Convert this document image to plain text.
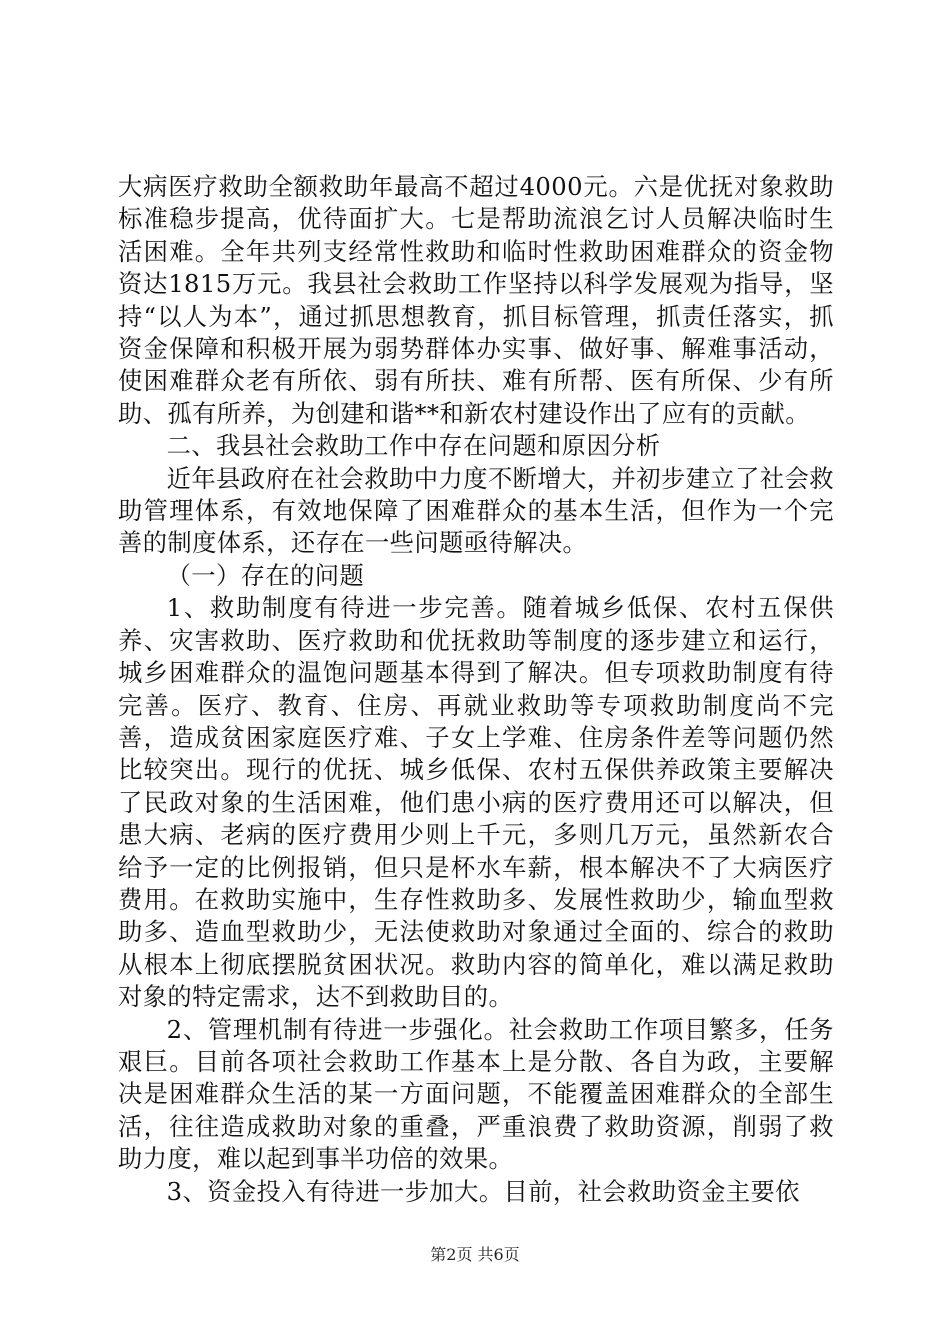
大病医疗救助全额救助年最高不超过4000元。六是优抚对象救助标准稳步提高，优待面扩大。七是帮助流浪乞讨人员解决临时生活困难。全年共列支经常性救助和临时性救助困难群众的资金物资达1815万元。我县社会救助工作坚持以科学发展观为指导，坚持“以人为本”，通过抓思想教育，抓目标管理，抓责任落实，抓资金保障和积极开展为弱势群体办实事、做好事、解难事活动，使困难群众老有所依、弱有所扶、难有所帮、医有所保、少有所助、孤有所养，为创建和谐**和新农村建设作出了应有的贡献。

二、我县社会救助工作中存在问题和原因分析

近年县政府在社会救助中力度不断增大，并初步建立了社会救助管理体系，有效地保障了困难群众的基本生活，但作为一个完善的制度体系，还存在一些问题亟待解决。

（一）存在的问题

1、救助制度有待进一步完善。随着城乡低保、农村五保供养、灾害救助、医疗救助和优抚救助等制度的逐步建立和运行，城乡困难群众的温饱问题基本得到了解决。但专项救助制度有待完善。医疗、教育、住房、再就业救助等专项救助制度尚不完善，造成贫困家庭医疗难、子女上学难、住房条件差等问题仍然比较突出。现行的优抚、城乡低保、农村五保供养政策主要解决了民政对象的生活困难，他们患小病的医疗费用还可以解决，但患大病、老病的医疗费用少则上千元，多则几万元，虽然新农合给予一定的比例报销，但只是杯水车薪，根本解决不了大病医疗费用。在救助实施中，生存性救助多、发展性救助少，输血型救助多、造血型救助少，无法使救助对象通过全面的、综合的救助从根本上彻底摆脱贫困状况。救助内容的简单化，难以满足救助对象的特定需求，达不到救助目的。

2、管理机制有待进一步强化。社会救助工作项目繁多，任务艰巨。目前各项社会救助工作基本上是分散、各自为政，主要解决是困难群众生活的某一方面问题，不能覆盖困难群众的全部生活，往往造成救助对象的重叠，严重浪费了救助资源，削弱了救助力度，难以起到事半功倍的效果。

3、资金投入有待进一步加大。目前，社会救助资金主要依

第2页 共6页
